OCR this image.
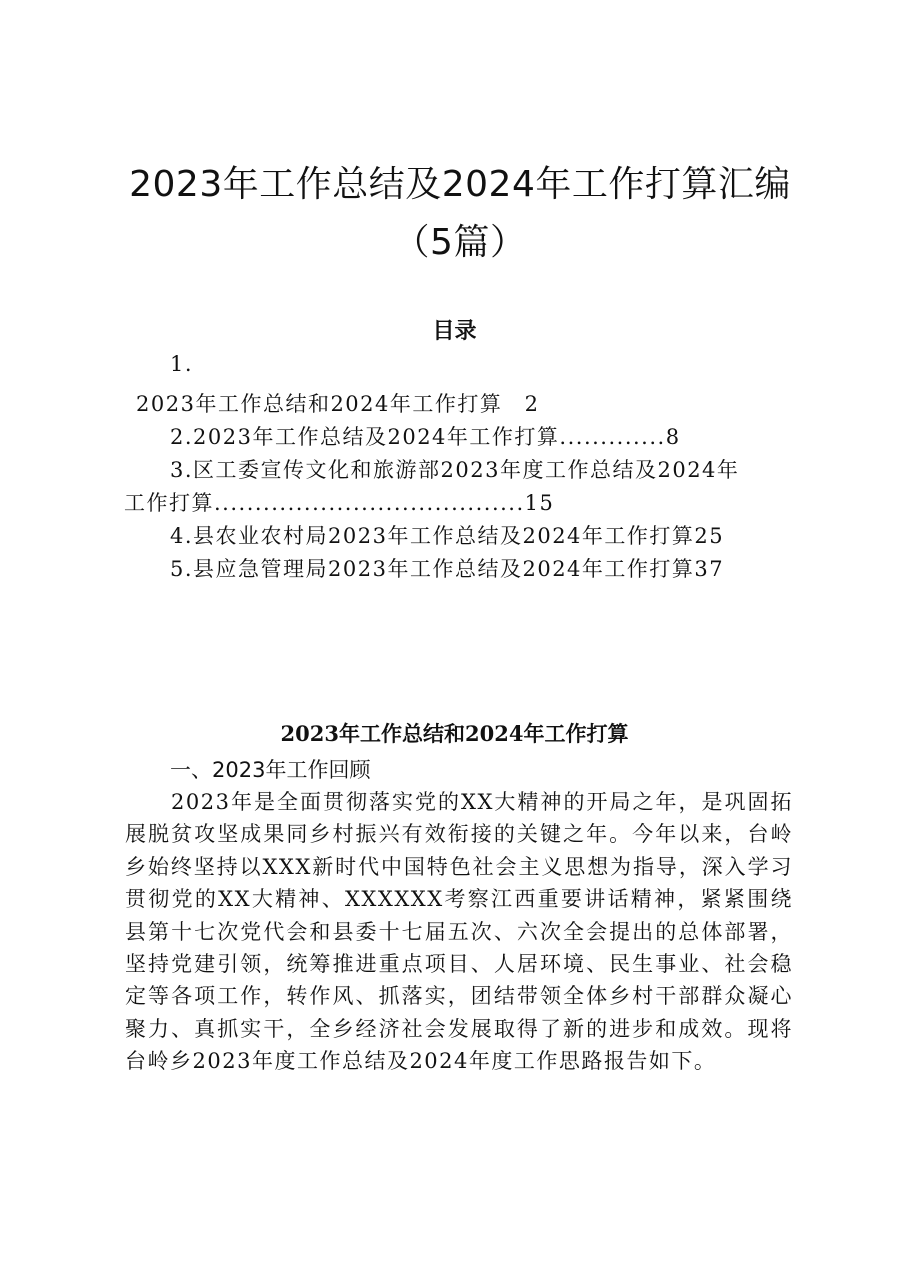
2023年工作总结及2024年工作打算汇编（5篇）
目录
1.
2023年工作总结和2024年工作打算 2
2.2023年工作总结及2024年工作打算.............8
3.区工委宣传文化和旅游部2023年度工作总结及2024年
工作打算......................................15
4.县农业农村局2023年工作总结及2024年工作打算25
5.县应急管理局2023年工作总结及2024年工作打算37
2023年工作总结和2024年工作打算
一、2023年工作回顾

2023年是全面贯彻落实党的XX大精神的开局之年，是巩固拓展脱贫攻坚成果同乡村振兴有效衔接的关键之年。今年以来，台岭乡始终坚持以XXX新时代中国特色社会主义思想为指导，深入学习贯彻党的XX大精神、XXXXXX考察江西重要讲话精神，紧紧围绕县第十七次党代会和县委十七届五次、六次全会提出的总体部署，坚持党建引领，统筹推进重点项目、人居环境、民生事业、社会稳定等各项工作，转作风、抓落实，团结带领全体乡村干部群众凝心聚力、真抓实干，全乡经济社会发展取得了新的进步和成效。现将台岭乡2023年度工作总结及2024年度工作思路报告如下。
